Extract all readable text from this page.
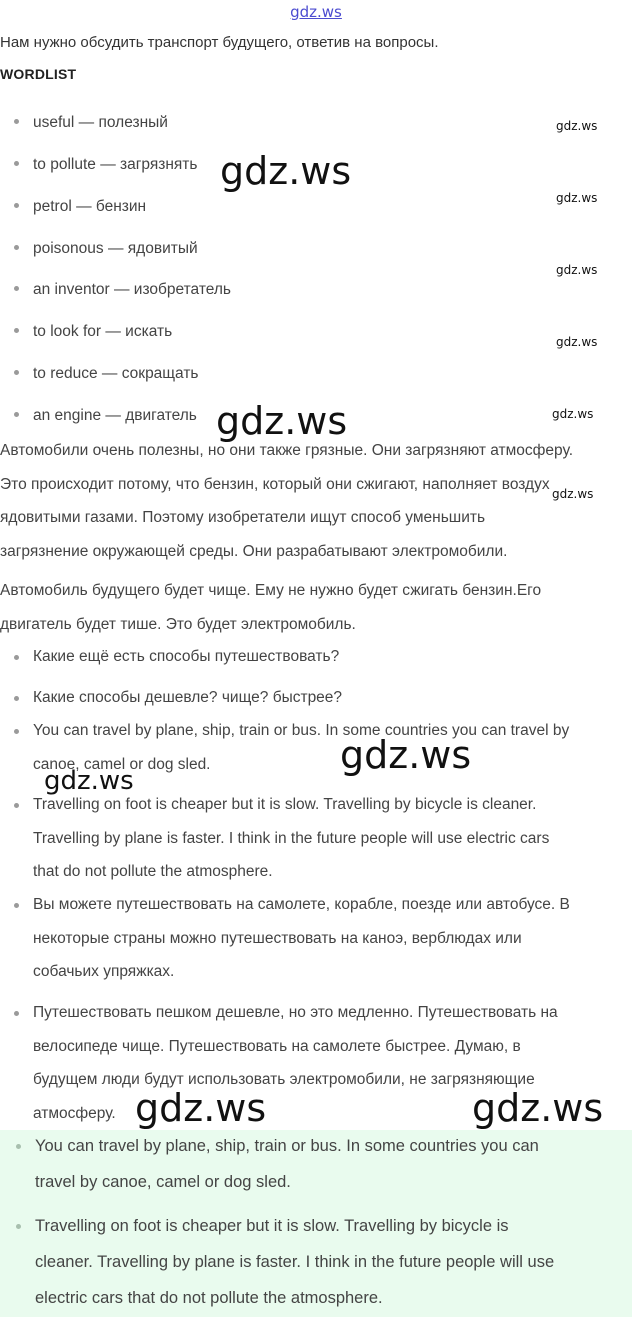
gdz.ws
Нам нужно обсудить транспорт будущего, ответив на вопросы.
WORDLIST
useful — полезный
to pollute — загрязнять
petrol — бензин
poisonous — ядовитый
an inventor — изобретатель
to look for — искать
to reduce — сокращать
an engine — двигатель
Автомобили очень полезны, но они также грязные. Они загрязняют атмосферу.
Это происходит потому, что бензин, который они сжигают, наполняет воздух
ядовитыми газами. Поэтому изобретатели ищут способ уменьшить
загрязнение окружающей среды. Они разрабатывают электромобили.
Автомобиль будущего будет чище. Ему не нужно будет сжигать бензин.Его
двигатель будет тише. Это будет электромобиль.
Какие ещё есть способы путешествовать?
Какие способы дешевле? чище? быстрее?
You can travel by plane, ship, train or bus. In some countries you can travel by
canoe, camel or dog sled.
Travelling on foot is cheaper but it is slow. Travelling by bicycle is cleaner.
Travelling by plane is faster. I think in the future people will use electric cars
that do not pollute the atmosphere.
Вы можете путешествовать на самолете, корабле, поезде или автобусе. В
некоторые страны можно путешествовать на каноэ, верблюдах или
собачьих упряжках.
Путешествовать пешком дешевле, но это медленно. Путешествовать на
велосипеде чище. Путешествовать на самолете быстрее. Думаю, в
будущем люди будут использовать электромобили, не загрязняющие
атмосферу.
You can travel by plane, ship, train or bus. In some countries you can
travel by canoe, camel or dog sled.
Travelling on foot is cheaper but it is slow. Travelling by bicycle is
cleaner. Travelling by plane is faster. I think in the future people will use
electric cars that do not pollute the atmosphere.
gdz.ws
gdz.ws
gdz.ws
gdz.ws
gdz.ws
gdz.ws
gdz.ws
gdz.ws
gdz.ws
gdz.ws
gdz.ws	gdz.ws
